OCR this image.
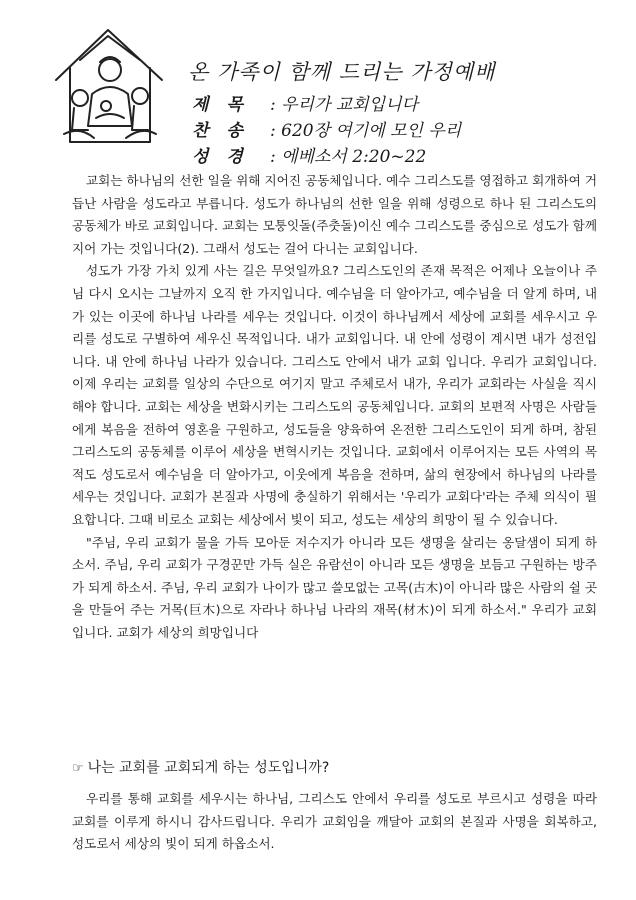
온 가족이 함께 드리는 가정예배
제 목 : 우리가 교회입니다
찬 송 : 620장 여기에 모인 우리
성 경 : 에베소서 2:20~22

교회는 하나님의 선한 일을 위해 지어진 공동체입니다. 예수 그리스도를 영접하고 회개하여 거듭난 사람을 성도라고 부릅니다. 성도가 하나님의 선한 일을 위해 성령으로 하나 된 그리스도의 공동체가 바로 교회입니다. 교회는 모퉁잇돌(주춧돌)이신 예수 그리스도를 중심으로 성도가 함께 지어 가는 것입니다(2). 그래서 성도는 걸어 다니는 교회입니다.

성도가 가장 가치 있게 사는 길은 무엇일까요? 그리스도인의 존재 목적은 어제나 오늘이나 주님 다시 오시는 그날까지 오직 한 가지입니다. 예수님을 더 알아가고, 예수님을 더 알게 하며, 내가 있는 이곳에 하나님 나라를 세우는 것입니다. 이것이 하나님께서 세상에 교회를 세우시고 우리를 성도로 구별하여 세우신 목적입니다. 내가 교회입니다. 내 안에 성령이 계시면 내가 성전입니다. 내 안에 하나님 나라가 있습니다. 그리스도 안에서 내가 교회 입니다. 우리가 교회입니다. 이제 우리는 교회를 일상의 수단으로 여기지 말고 주체로서 내가, 우리가 교회라는 사실을 직시해야 합니다. 교회는 세상을 변화시키는 그리스도의 공동체입니다. 교회의 보편적 사명은 사람들에게 복음을 전하여 영혼을 구원하고, 성도들을 양육하여 온전한 그리스도인이 되게 하며, 참된 그리스도의 공동체를 이루어 세상을 변혁시키는 것입니다. 교회에서 이루어지는 모든 사역의 목적도 성도로서 예수님을 더 알아가고, 이웃에게 복음을 전하며, 삶의 현장에서 하나님의 나라를 세우는 것입니다. 교회가 본질과 사명에 충실하기 위해서는 '우리가 교회다'라는 주체 의식이 필요합니다. 그때 비로소 교회는 세상에서 빛이 되고, 성도는 세상의 희망이 될 수 있습니다.

"주님, 우리 교회가 물을 가득 모아둔 저수지가 아니라 모든 생명을 살리는 옹달샘이 되게 하소서. 주님, 우리 교회가 구경꾼만 가득 실은 유람선이 아니라 모든 생명을 보듬고 구원하는 방주가 되게 하소서. 주님, 우리 교회가 나이가 많고 쓸모없는 고목(古木)이 아니라 많은 사람의 쉴 곳을 만들어 주는 거목(巨木)으로 자라나 하나님 나라의 재목(材木)이 되게 하소서." 우리가 교회입니다. 교회가 세상의 희망입니다

☞ 나는 교회를 교회되게 하는 성도입니까?

우리를 통해 교회를 세우시는 하나님, 그리스도 안에서 우리를 성도로 부르시고 성령을 따라 교회를 이루게 하시니 감사드립니다. 우리가 교회임을 깨달아 교회의 본질과 사명을 회복하고, 성도로서 세상의 빛이 되게 하옵소서.
